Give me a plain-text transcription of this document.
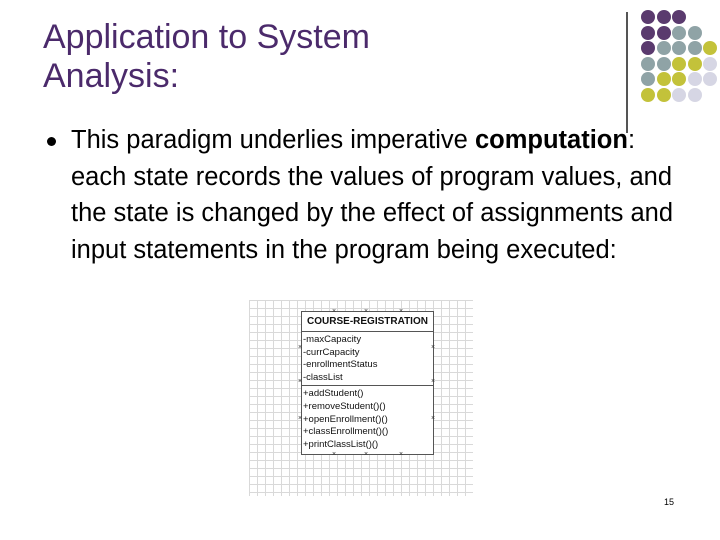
Application to System
Analysis:
This paradigm underlies imperative computation: each state records the values of program values, and the state is changed by the effect of assignments and input statements in the program being executed:
COURSE-REGISTRATION
-maxCapacity
-currCapacity
-enrollmentStatus
-classList
+addStudent()
+removeStudent()()
+openEnrollment()()
+classEnrollment()()
+printClassList()()
×	×	×
×	×
×	×
×	×
×	×	×
15
